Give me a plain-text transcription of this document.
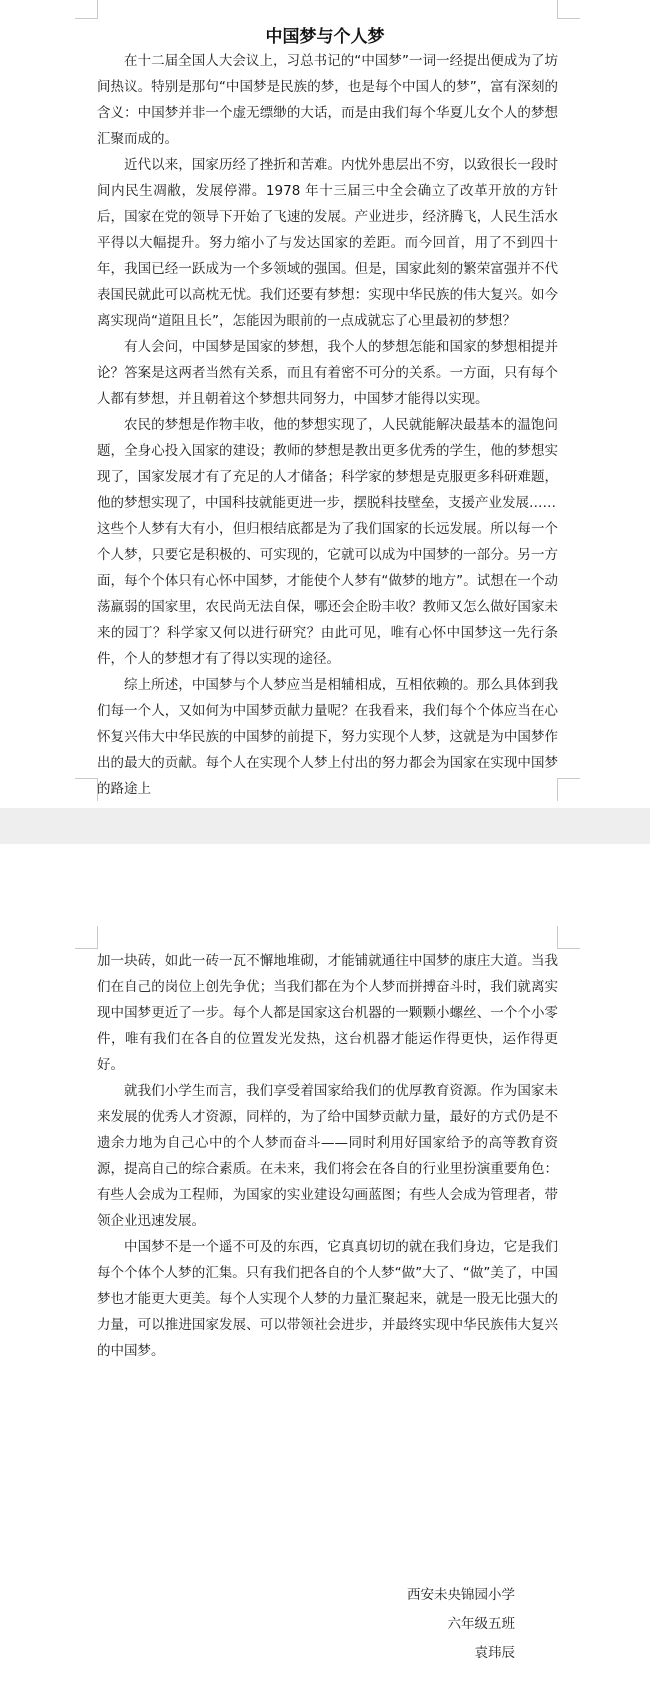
中国梦与个人梦

在十二届全国人大会议上，习总书记的“中国梦”一词一经提出便成为了坊间热议。特别是那句“中国梦是民族的梦，也是每个中国人的梦”，富有深刻的含义：中国梦并非一个虚无缥缈的大话，而是由我们每个华夏儿女个人的梦想汇聚而成的。

近代以来，国家历经了挫折和苦难。内忧外患层出不穷，以致很长一段时间内民生凋敝，发展停滞。1978 年十三届三中全会确立了改革开放的方针后，国家在党的领导下开始了飞速的发展。产业进步，经济腾飞，人民生活水平得以大幅提升。努力缩小了与发达国家的差距。而今回首，用了不到四十年，我国已经一跃成为一个多领域的强国。但是，国家此刻的繁荣富强并不代表国民就此可以高枕无忧。我们还要有梦想：实现中华民族的伟大复兴。如今离实现尚“道阻且长”，怎能因为眼前的一点成就忘了心里最初的梦想？

有人会问，中国梦是国家的梦想，我个人的梦想怎能和国家的梦想相提并论？答案是这两者当然有关系，而且有着密不可分的关系。一方面，只有每个人都有梦想，并且朝着这个梦想共同努力，中国梦才能得以实现。

农民的梦想是作物丰收，他的梦想实现了，人民就能解决最基本的温饱问题，全身心投入国家的建设；教师的梦想是教出更多优秀的学生，他的梦想实现了，国家发展才有了充足的人才储备；科学家的梦想是克服更多科研难题，他的梦想实现了，中国科技就能更进一步，摆脱科技壁垒，支援产业发展……

这些个人梦有大有小，但归根结底都是为了我们国家的长远发展。所以每一个个人梦，只要它是积极的、可实现的，它就可以成为中国梦的一部分。另一方面，每个个体只有心怀中国梦，才能使个人梦有“做梦的地方”。试想在一个动荡羸弱的国家里，农民尚无法自保，哪还会企盼丰收？教师又怎么做好国家未来的园丁？科学家又何以进行研究？由此可见，唯有心怀中国梦这一先行条件，个人的梦想才有了得以实现的途径。

综上所述，中国梦与个人梦应当是相辅相成，互相依赖的。那么具体到我们每一个人，又如何为中国梦贡献力量呢？在我看来，我们每个个体应当在心怀复兴伟大中华民族的中国梦的前提下，努力实现个人梦，这就是为中国梦作出的最大的贡献。每个人在实现个人梦上付出的努力都会为国家在实现中国梦的路途上

加一块砖，如此一砖一瓦不懈地堆砌，才能铺就通往中国梦的康庄大道。当我们在自己的岗位上创先争优；当我们都在为个人梦而拼搏奋斗时，我们就离实现中国梦更近了一步。每个人都是国家这台机器的一颗颗小螺丝、一个个小零件，唯有我们在各自的位置发光发热，这台机器才能运作得更快，运作得更好。

就我们小学生而言，我们享受着国家给我们的优厚教育资源。作为国家未来发展的优秀人才资源，同样的，为了给中国梦贡献力量，最好的方式仍是不遗余力地为自己心中的个人梦而奋斗——同时利用好国家给予的高等教育资源，提高自己的综合素质。在未来，我们将会在各自的行业里扮演重要角色：有些人会成为工程师，为国家的实业建设勾画蓝图；有些人会成为管理者，带领企业迅速发展。

中国梦不是一个遥不可及的东西，它真真切切的就在我们身边，它是我们每个个体个人梦的汇集。只有我们把各自的个人梦“做”大了、“做”美了，中国梦也才能更大更美。每个人实现个人梦的力量汇聚起来，就是一股无比强大的力量，可以推进国家发展、可以带领社会进步，并最终实现中华民族伟大复兴的中国梦。

西安未央锦园小学
六年级五班
袁玮辰
